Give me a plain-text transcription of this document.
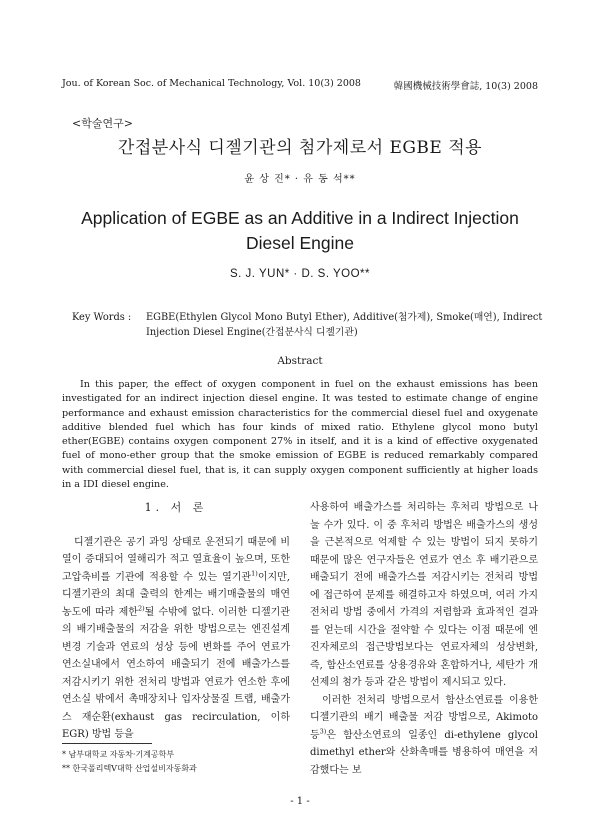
Jou. of Korean Soc. of Mechanical Technology, Vol. 10(3) 2008	韓國機械技術學會誌, 10(3) 2008
<학술연구>
간접분사식 디젤기관의 첨가제로서 EGBE 적용
윤 상 진* · 유 동 석**
Application of EGBE as an Additive in a Indirect Injection Diesel Engine
S. J. YUN* · D. S. YOO**
Key Words : EGBE(Ethylen Glycol Mono Butyl Ether), Additive(첨가제), Smoke(매연), Indirect Injection Diesel Engine(간접분사식 디젤기관)
Abstract

In this paper, the effect of oxygen component in fuel on the exhaust emissions has been investigated for an indirect injection diesel engine. It was tested to estimate change of engine performance and exhaust emission characteristics for the commercial diesel fuel and oxygenate additive blended fuel which has four kinds of mixed ratio. Ethylene glycol mono butyl ether(EGBE) contains oxygen component 27% in itself, and it is a kind of effective oxygenated fuel of mono-ether group that the smoke emission of EGBE is reduced remarkably compared with commercial diesel fuel, that is, it can supply oxygen component sufficiently at higher loads in a IDI diesel engine.

1. 서 론

디젤기관은 공기 과잉 상태로 운전되기 때문에 비열이 증대되어 열해리가 적고 열효율이 높으며, 또한 고압축비를 기관에 적용할 수 있는 열기관$^{1)}$이지만, 디젤기관의 최대 출력의 한계는 배기매출물의 매연농도에 따라 제한$^{2)}$될 수밖에 없다. 이러한 디젤기관의 배기배출물의 저감을 위한 방법으로는 엔진설계변경 기술과 연료의 성상 등에 변화를 주어 연료가 연소실내에서 연소하여 배출되기 전에 배출가스를 저감시키기 위한 전처리 방법과 연료가 연소한 후에 연소실 밖에서 촉매장치나 입자상물질 트랩, 배출가스 재순환(exhaust gas recirculation, 이하 EGR) 방법 등을

사용하여 배출가스를 처리하는 후처리 방법으로 나눌 수가 있다. 이 중 후처리 방법은 배출가스의 생성을 근본적으로 억제할 수 있는 방법이 되지 못하기 때문에 많은 연구자들은 연료가 연소 후 배기관으로 배출되기 전에 배출가스를 저감시키는 전처리 방법에 접근하여 문제를 해결하고자 하였으며, 여러 가지 전처리 방법 중에서 가격의 저렴함과 효과적인 결과를 얻는데 시간을 절약할 수 있다는 이점 때문에 엔진자체로의 접근방법보다는 연료자체의 성상변화, 즉, 함산소연료를 상용경유와 혼합하거나, 세탄가 개선제의 첨가 등과 같은 방법이 제시되고 있다.

이러한 전처리 방법으로서 함산소연료를 이용한 디젤기관의 배기 배출물 저감 방법으로, Akimoto 등$^{3)}$은 함산소연료의 일종인 di-ethylene glycol dimethyl ether와 산화촉매를 병용하여 매연을 저감했다는 보

* 남부대학교 자동차·기계공학부
** 한국폴리텍V대학 산업설비자동화과
- 1 -
